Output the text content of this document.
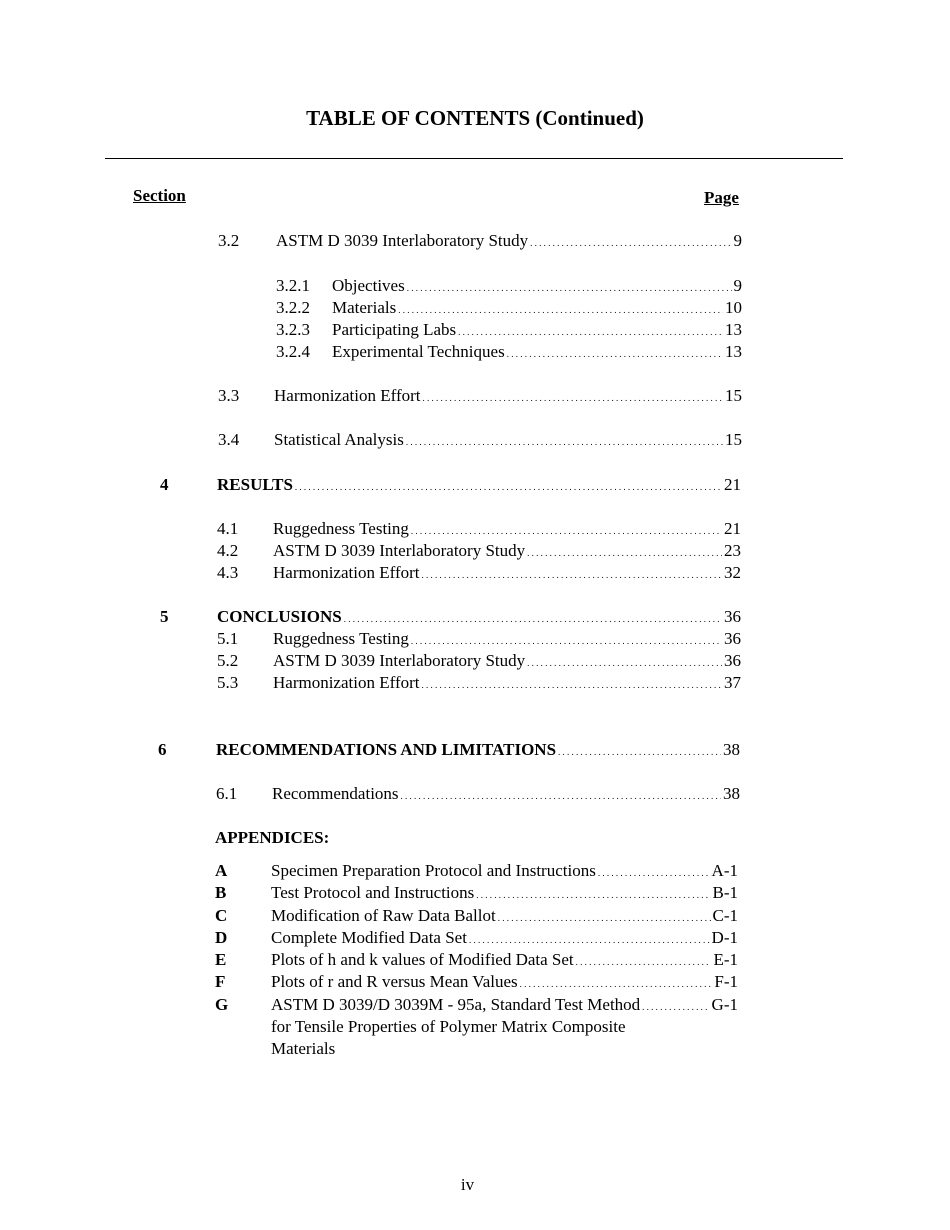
TABLE OF CONTENTS (Continued)
Section	Page
3.2 ASTM D 3039 Interlaboratory Study . . .	9
3.2.1 Objectives . . .	9
3.2.2 Materials . . .	10
3.2.3 Participating Labs . . .	13
3.2.4 Experimental Techniques . . .	13
3.3 Harmonization Effort . . .	15
3.4 Statistical Analysis . . .	15
4	RESULTS . . .	21
4.1 Ruggedness Testing . . .	21
4.2 ASTM D 3039 Interlaboratory Study . . .	23
4.3 Harmonization Effort . . .	32
5	CONCLUSIONS . . .	36
5.1 Ruggedness Testing . . .	36
5.2 ASTM D 3039 Interlaboratory Study . . .	36
5.3 Harmonization Effort . . .	37
6	RECOMMENDATIONS AND LIMITATIONS . . .	38
6.1 Recommendations . . .	38
APPENDICES:
A	Specimen Preparation Protocol and Instructions . . .	A-1
B	Test Protocol and Instructions . . .	B-1
C	Modification of Raw Data Ballot . . .	C-1
D	Complete Modified Data Set . . .	D-1
E	Plots of h and k values of Modified Data Set . . .	E-1
F	Plots of r and R versus Mean Values . . .	F-1
G	ASTM D 3039/D 3039M - 95a, Standard Test Method . . .	G-1
for Tensile Properties of Polymer Matrix Composite
Materials
iv
